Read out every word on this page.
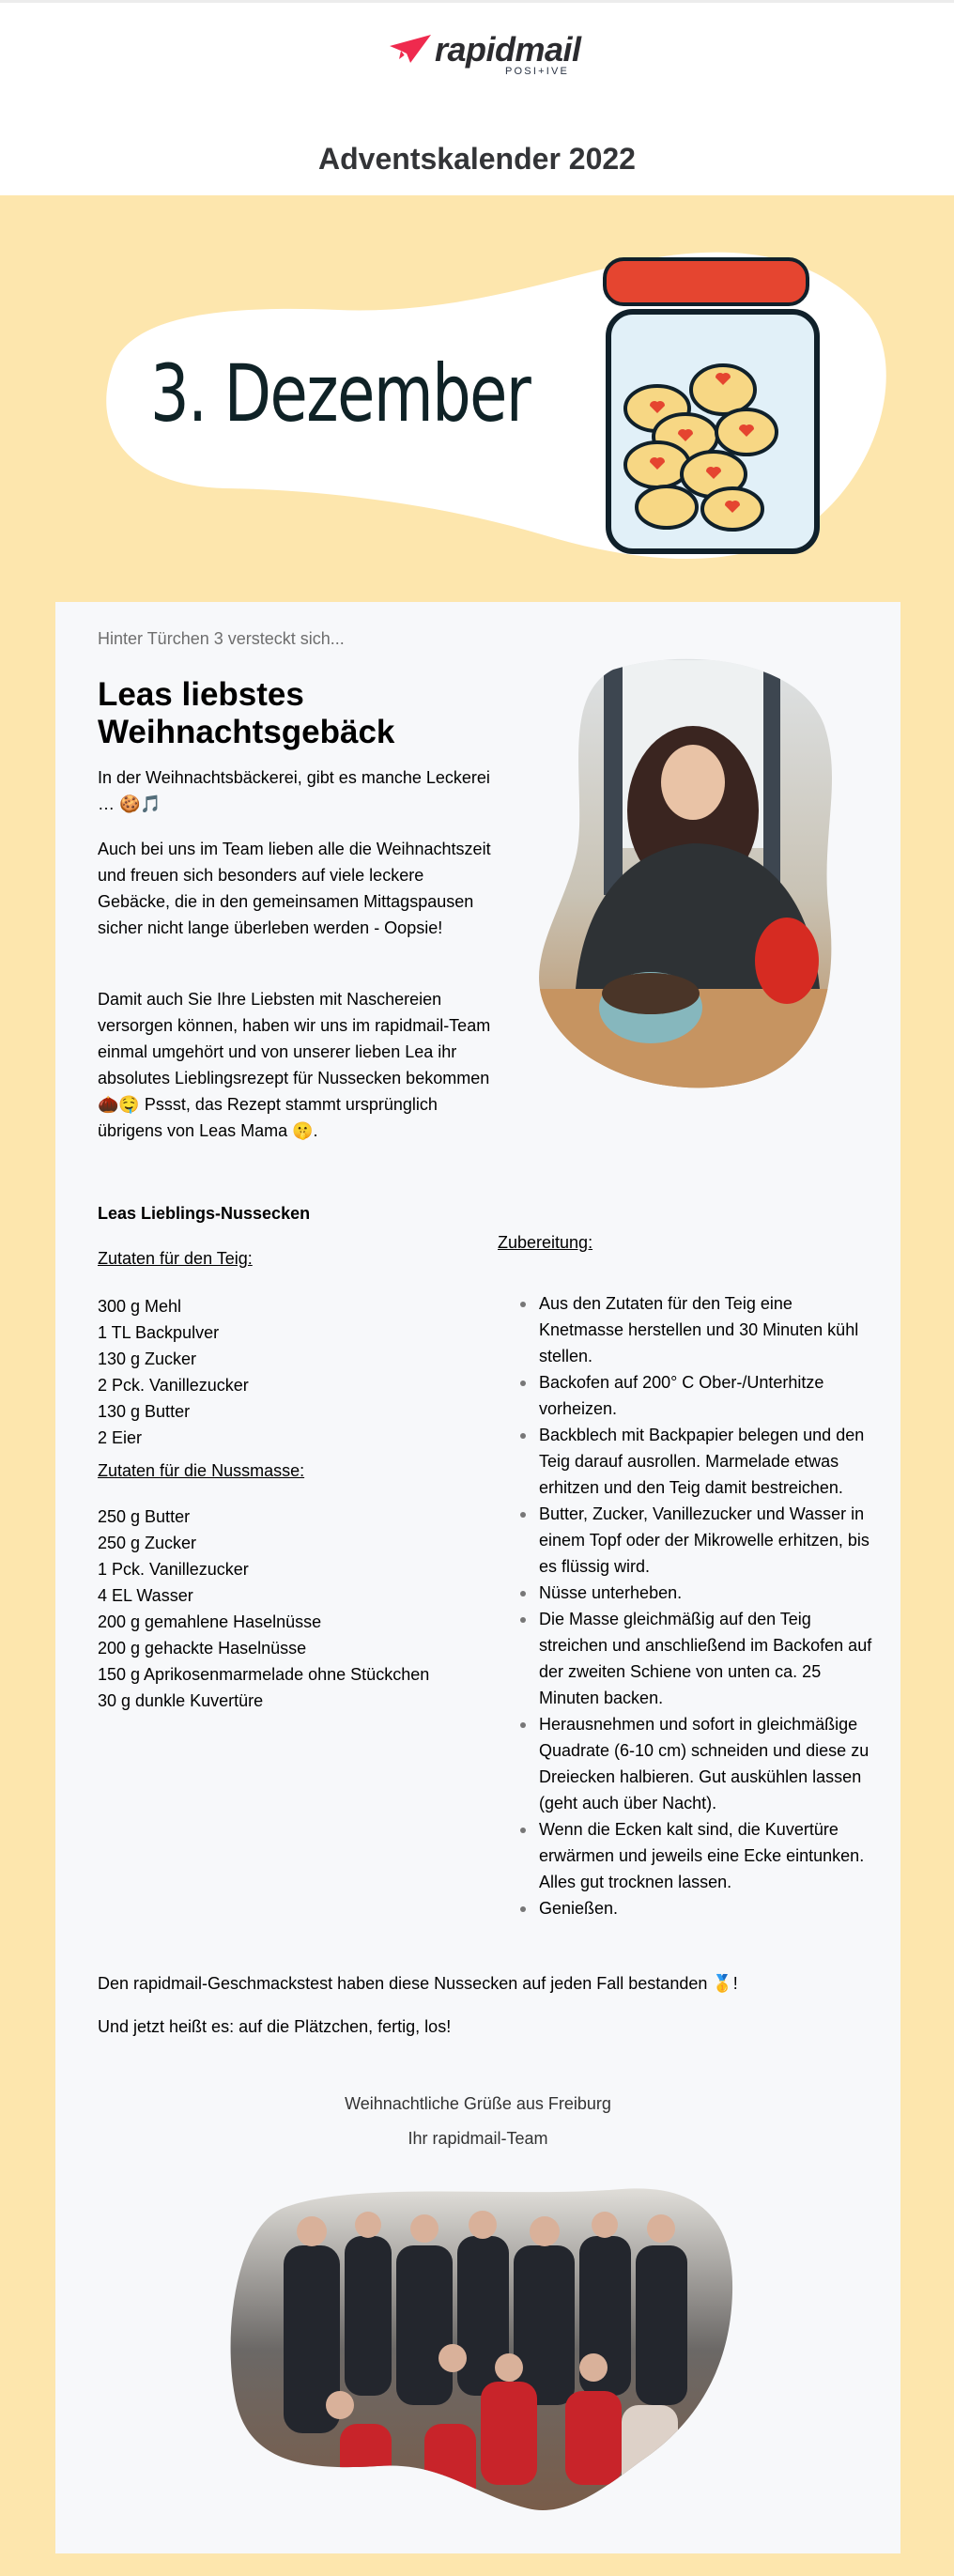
rapidmail
POSI+IVE
Adventskalender 2022
3. Dezember
Hinter Türchen 3 versteckt sich...
Leas liebstes Weihnachtsgebäck
In der Weihnachtsbäckerei, gibt es manche Leckerei … 🍪🎵
Auch bei uns im Team lieben alle die Weihnachtszeit und freuen sich besonders auf viele leckere Gebäcke, die in den gemeinsamen Mittagspausen sicher nicht lange überleben werden - Oopsie!
Damit auch Sie Ihre Liebsten mit Naschereien versorgen können, haben wir uns im rapidmail-Team einmal umgehört und von unserer lieben Lea ihr absolutes Lieblingsrezept für Nussecken bekommen 🌰🤤 Pssst, das Rezept stammt ursprünglich übrigens von Leas Mama 🤫.
Leas Lieblings-Nussecken
Zutaten für den Teig:
300 g Mehl
1 TL Backpulver
130 g Zucker
2 Pck. Vanillezucker
130 g Butter
2 Eier
Zutaten für die Nussmasse:
250 g Butter
250 g Zucker
1 Pck. Vanillezucker
4 EL Wasser
200 g gemahlene Haselnüsse
200 g gehackte Haselnüsse
150 g Aprikosenmarmelade ohne Stückchen
30 g dunkle Kuvertüre
Zubereitung:
Aus den Zutaten für den Teig eine Knetmasse herstellen und 30 Minuten kühl stellen.
Backofen auf 200° C Ober-/Unterhitze vorheizen.
Backblech mit Backpapier belegen und den Teig darauf ausrollen. Marmelade etwas erhitzen und den Teig damit bestreichen.
Butter, Zucker, Vanillezucker und Wasser in einem Topf oder der Mikrowelle erhitzen, bis es flüssig wird.
Nüsse unterheben.
Die Masse gleichmäßig auf den Teig streichen und anschließend im Backofen auf der zweiten Schiene von unten ca. 25 Minuten backen.
Herausnehmen und sofort in gleichmäßige Quadrate (6-10 cm) schneiden und diese zu Dreiecken halbieren. Gut auskühlen lassen (geht auch über Nacht).
Wenn die Ecken kalt sind, die Kuvertüre erwärmen und jeweils eine Ecke eintunken. Alles gut trocknen lassen.
Genießen.
Den rapidmail-Geschmackstest haben diese Nussecken auf jeden Fall bestanden 🥇!
Und jetzt heißt es: auf die Plätzchen, fertig, los!
Weihnachtliche Grüße aus Freiburg
Ihr rapidmail-Team
